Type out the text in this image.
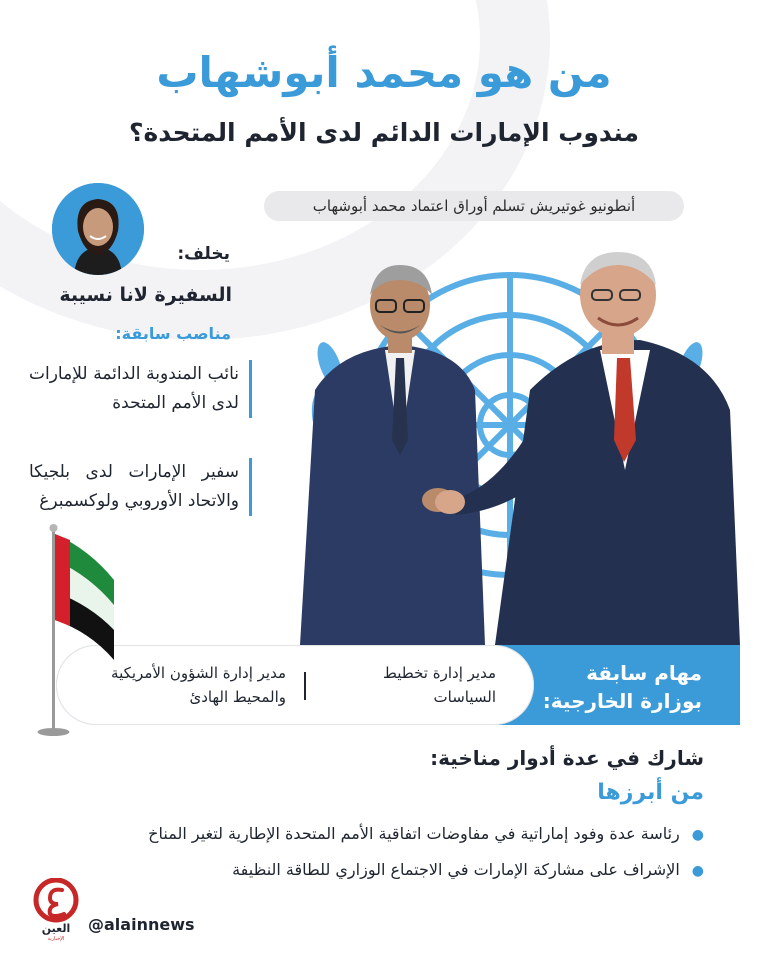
من هو محمد أبوشهاب
مندوب الإمارات الدائم لدى الأمم المتحدة؟
أنطونيو غوتيريش تسلم أوراق اعتماد محمد أبوشهاب
يخلف:
السفيرة لانا نسيبة
مناصب سابقة:
نائب المندوبة الدائمة للإمارات لدى الأمم المتحدة
سفير الإمارات لدى بلجيكا والاتحاد الأوروبي ولوكسمبرغ
مدير إدارة تخطيط السياسات
مدير إدارة الشؤون الأمريكية والمحيط الهادئ
مهام سابقة
بوزارة الخارجية:
شارك في عدة أدوار مناخية:
من أبرزها
●رئاسة عدة وفود إماراتية في مفاوضات اتفاقية الأمم المتحدة الإطارية لتغير المناخ
●الإشراف على مشاركة الإمارات في الاجتماع الوزاري للطاقة النظيفة
العين
الإخبارية
@alainnews
